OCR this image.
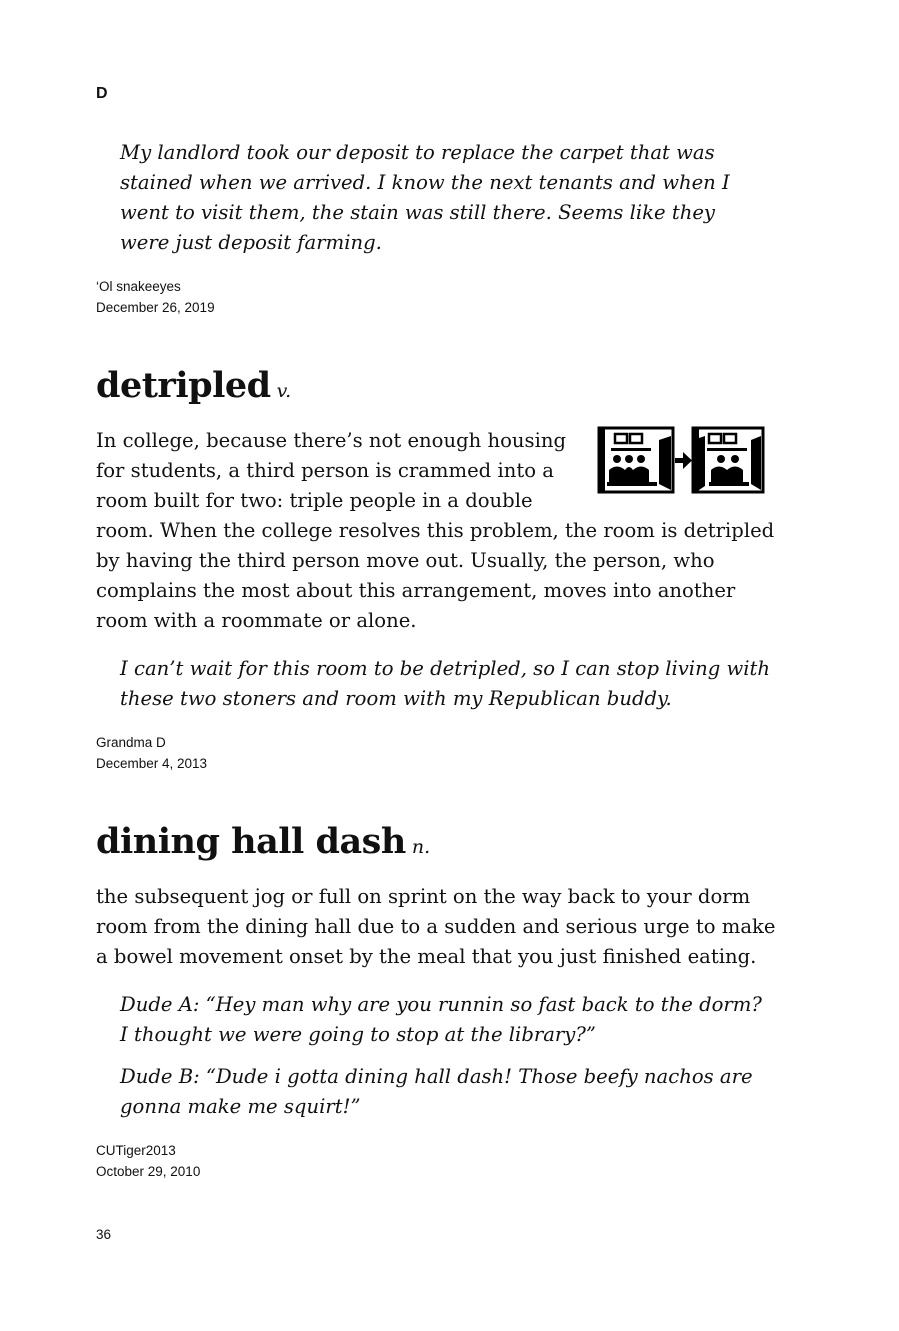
D

My landlord took our deposit to replace the carpet that was stained when we arrived. I know the next tenants and when I went to visit them, the stain was still there. Seems like they were just deposit farming.

‘Ol snakeeyes
December 26, 2019
detripled v.
In college, because there’s not enough housing
for students, a third person is crammed into a
room built for two: triple people in a double
room. When the college resolves this problem, the room is detripled
by having the third person move out. Usually, the person, who
complains the most about this arrangement, moves into another
room with a roommate or alone.

I can’t wait for this room to be detripled, so I can stop living with these two stoners and room with my Republican buddy.

Grandma D
December 4, 2013
dining hall dash n.
the subsequent jog or full on sprint on the way back to your dorm
room from the dining hall due to a sudden and serious urge to make
a bowel movement onset by the meal that you just finished eating.

Dude A: “Hey man why are you runnin so fast back to the dorm? I thought we were going to stop at the library?”

Dude B: “Dude i gotta dining hall dash! Those beefy nachos are gonna make me squirt!”

CUTiger2013
October 29, 2010
36
